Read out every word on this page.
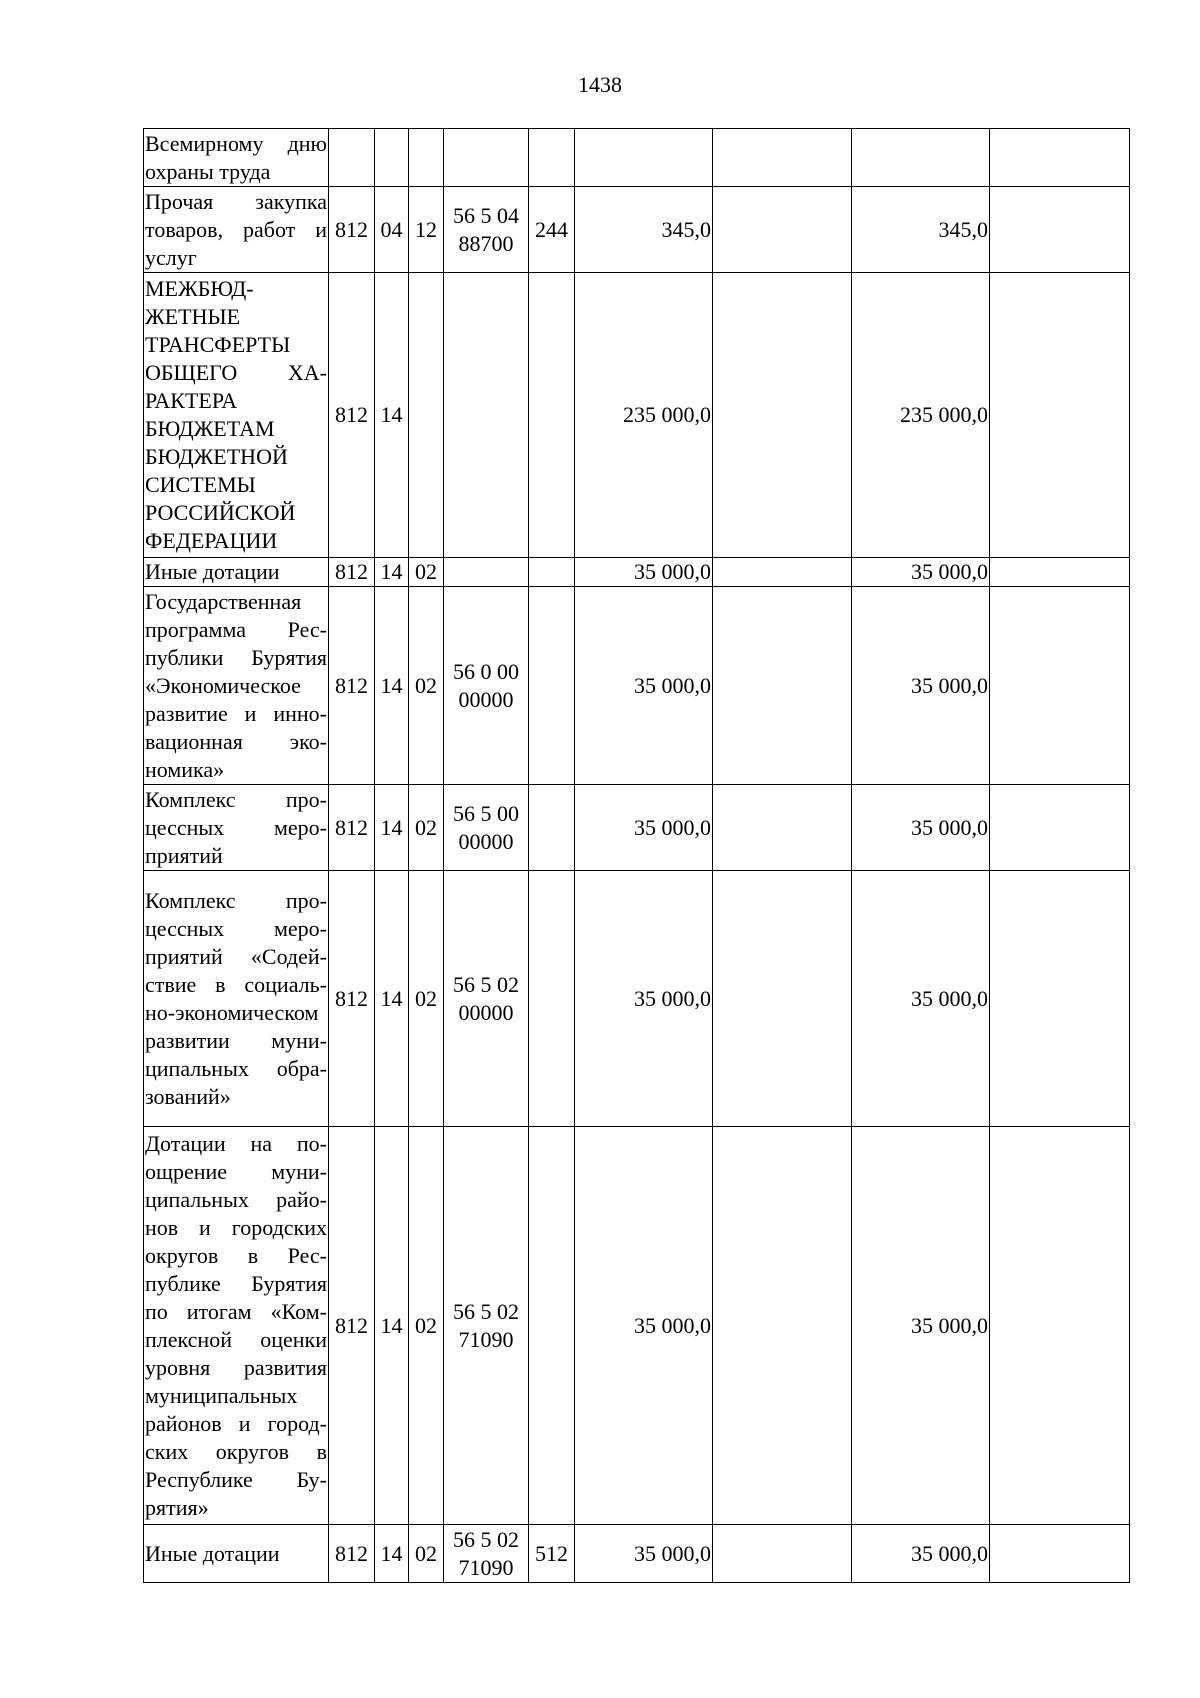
1438
Всемирному дню охраны труда									
Прочая закупка товаров, работ и услуг	812	04	12	56 5 04 88700	244	345,0		345,0	
МЕЖБЮД-ЖЕТНЫЕ ТРАНСФЕРТЫ ОБЩЕГО ХА-РАКТЕРА БЮДЖЕТАМ БЮДЖЕТНОЙ СИСТЕМЫ РОССИЙСКОЙ ФЕДЕРАЦИИ	812	14				235 000,0		235 000,0	
Иные дотации	812	14	02			35 000,0		35 000,0	
Государственная программа Рес-публики Бурятия «Экономическое развитие и инно-вационная эко-номика»	812	14	02	56 0 00 00000		35 000,0		35 000,0	
Комплекс про-цессных меро-приятий	812	14	02	56 5 00 00000		35 000,0		35 000,0	
Комплекс про-цессных меро-приятий «Содей-ствие в социаль-но-экономическом развитии муни-ципальных обра-зований»	812	14	02	56 5 02 00000		35 000,0		35 000,0	
Дотации на по-ощрение муни-ципальных райо-нов и городских округов в Рес-публике Бурятия по итогам «Ком-плексной оценки уровня развития муниципальных районов и город-ских округов в Республике Бу-рятия»	812	14	02	56 5 02 71090		35 000,0		35 000,0	
Иные дотации	812	14	02	56 5 02 71090	512	35 000,0		35 000,0	
